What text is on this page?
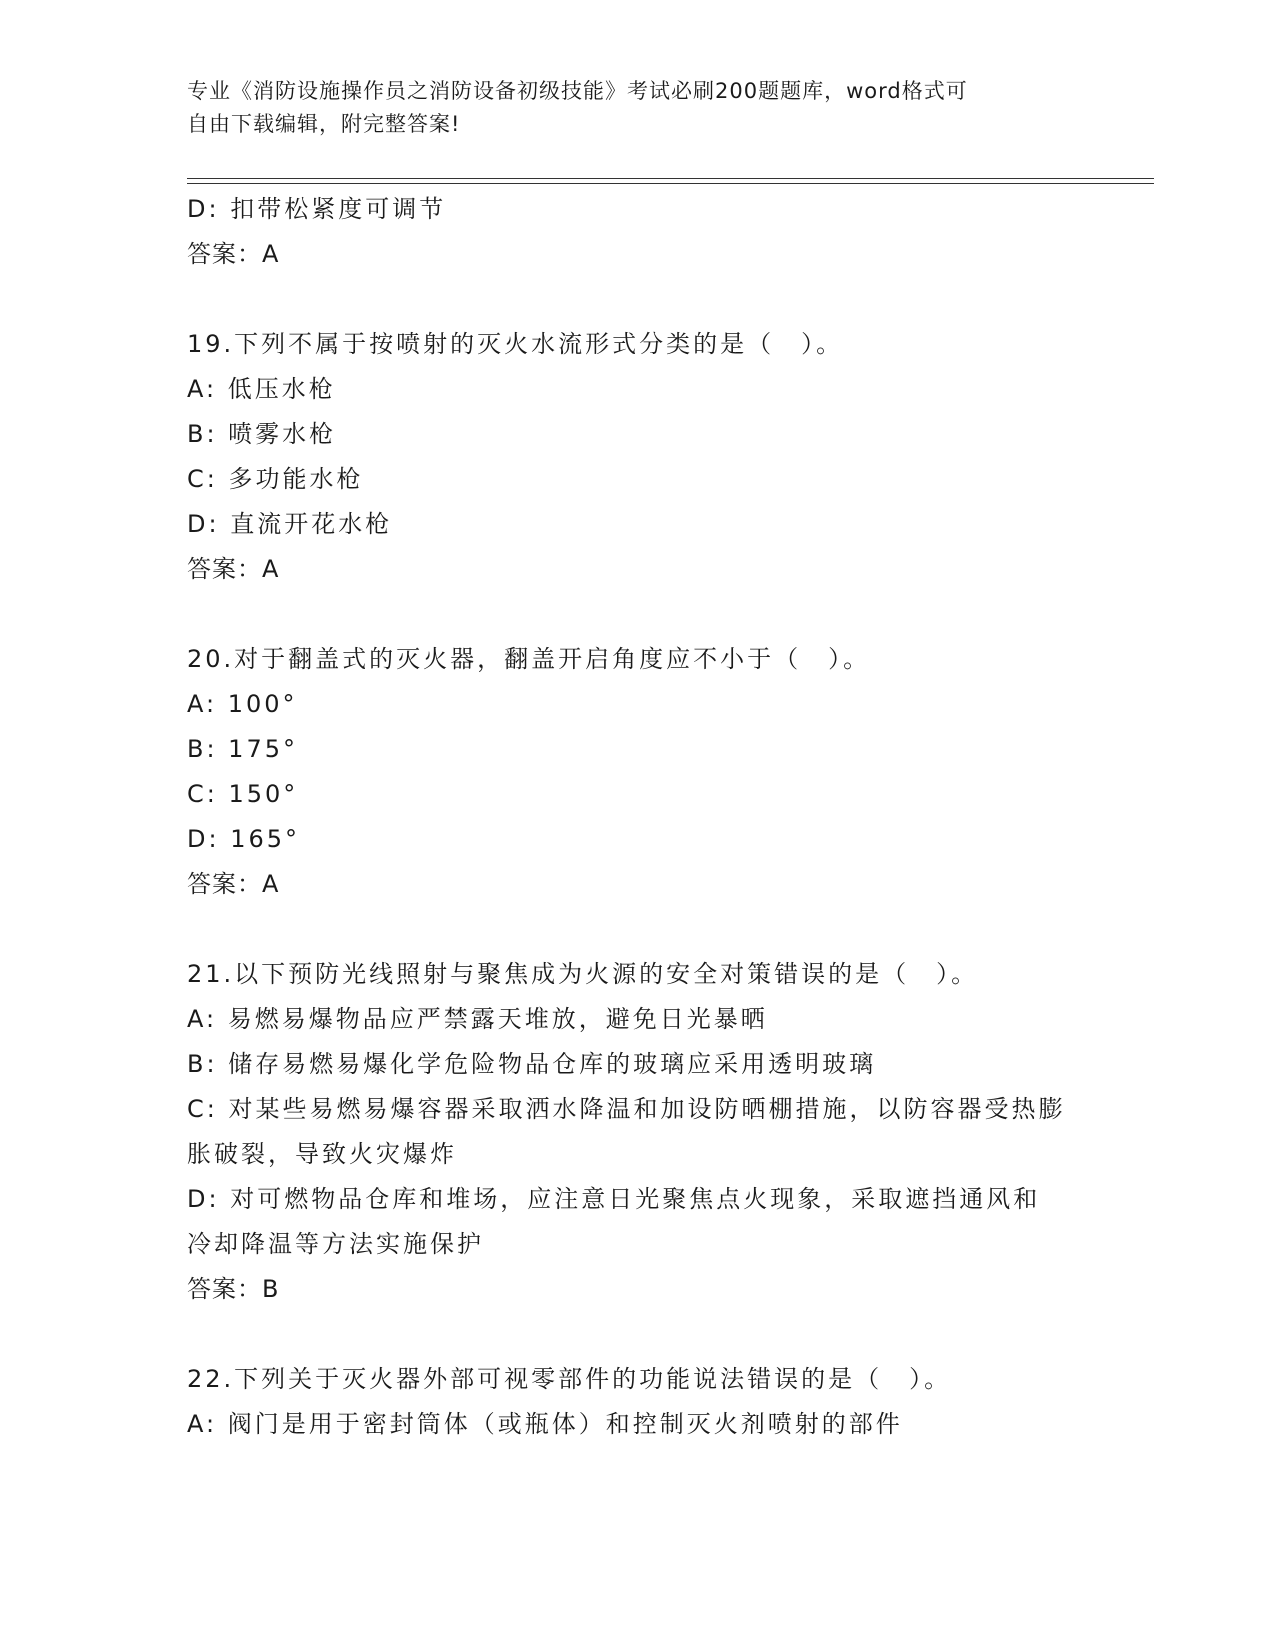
专业《消防设施操作员之消防设备初级技能》考试必刷200题题库，word格式可
自由下载编辑，附完整答案!
D: 扣带松紧度可调节
答案：A
19.下列不属于按喷射的灭火水流形式分类的是（　）。
A: 低压水枪
B: 喷雾水枪
C: 多功能水枪
D: 直流开花水枪
答案：A
20.对于翻盖式的灭火器，翻盖开启角度应不小于（　）。
A: 100°
B: 175°
C: 150°
D: 165°
答案：A
21.以下预防光线照射与聚焦成为火源的安全对策错误的是（　）。
A: 易燃易爆物品应严禁露天堆放，避免日光暴晒
B: 储存易燃易爆化学危险物品仓库的玻璃应采用透明玻璃
C: 对某些易燃易爆容器采取洒水降温和加设防晒棚措施，以防容器受热膨胀破裂，导致火灾爆炸
D: 对可燃物品仓库和堆场，应注意日光聚焦点火现象，采取遮挡通风和冷却降温等方法实施保护
答案：B
22.下列关于灭火器外部可视零部件的功能说法错误的是（　）。
A: 阀门是用于密封筒体（或瓶体）和控制灭火剂喷射的部件
